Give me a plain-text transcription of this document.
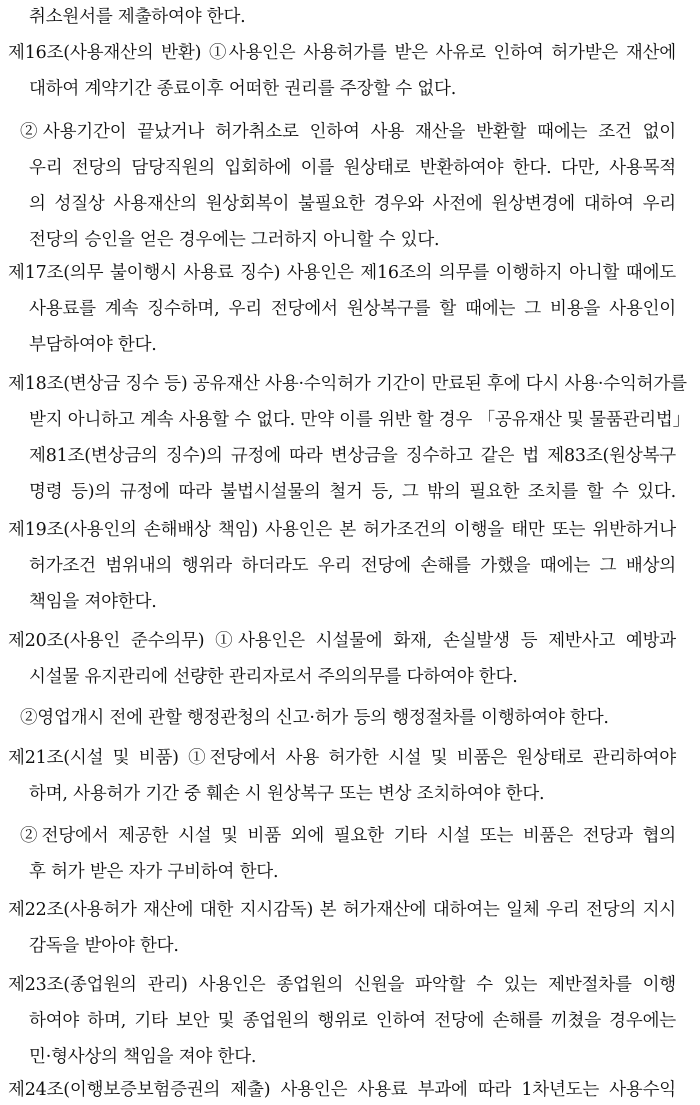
취소원서를 제출하여야 한다.
제16조(사용재산의 반환) ①사용인은 사용허가를 받은 사유로 인하여 허가받은 재산에
대하여 계약기간 종료이후 어떠한 권리를 주장할 수 없다.
②사용기간이 끝났거나 허가취소로 인하여 사용 재산을 반환할 때에는 조건 없이
우리 전당의 담당직원의 입회하에 이를 원상태로 반환하여야 한다. 다만, 사용목적
의 성질상 사용재산의 원상회복이 불필요한 경우와 사전에 원상변경에 대하여 우리
전당의 승인을 얻은 경우에는 그러하지 아니할 수 있다.
제17조(의무 불이행시 사용료 징수) 사용인은 제16조의 의무를 이행하지 아니할 때에도
사용료를 계속 징수하며, 우리 전당에서 원상복구를 할 때에는 그 비용을 사용인이
부담하여야 한다.
제18조(변상금 징수 등) 공유재산 사용·수익허가 기간이 만료된 후에 다시 사용·수익허가를
받지 아니하고 계속 사용할 수 없다. 만약 이를 위반 할 경우 「공유재산 및 물품관리법」
제81조(변상금의 징수)의 규정에 따라 변상금을 징수하고 같은 법 제83조(원상복구
명령 등)의 규정에 따라 불법시설물의 철거 등, 그 밖의 필요한 조치를 할 수 있다.
제19조(사용인의 손해배상 책임) 사용인은 본 허가조건의 이행을 태만 또는 위반하거나
허가조건 범위내의 행위라 하더라도 우리 전당에 손해를 가했을 때에는 그 배상의
책임을 져야한다.
제20조(사용인 준수의무) ①사용인은 시설물에 화재, 손실발생 등 제반사고 예방과
시설물 유지관리에 선량한 관리자로서 주의의무를 다하여야 한다.
②영업개시 전에 관할 행정관청의 신고·허가 등의 행정절차를 이행하여야 한다.
제21조(시설 및 비품) ①전당에서 사용 허가한 시설 및 비품은 원상태로 관리하여야
하며, 사용허가 기간 중 훼손 시 원상복구 또는 변상 조치하여야 한다.
②전당에서 제공한 시설 및 비품 외에 필요한 기타 시설 또는 비품은 전당과 협의
후 허가 받은 자가 구비하여 한다.
제22조(사용허가 재산에 대한 지시감독) 본 허가재산에 대하여는 일체 우리 전당의 지시
감독을 받아야 한다.
제23조(종업원의 관리) 사용인은 종업원의 신원을 파악할 수 있는 제반절차를 이행
하여야 하며, 기타 보안 및 종업원의 행위로 인하여 전당에 손해를 끼쳤을 경우에는
민·형사상의 책임을 져야 한다.
제24조(이행보증보험증권의 제출) 사용인은 사용료 부과에 따라 1차년도는 사용수익
